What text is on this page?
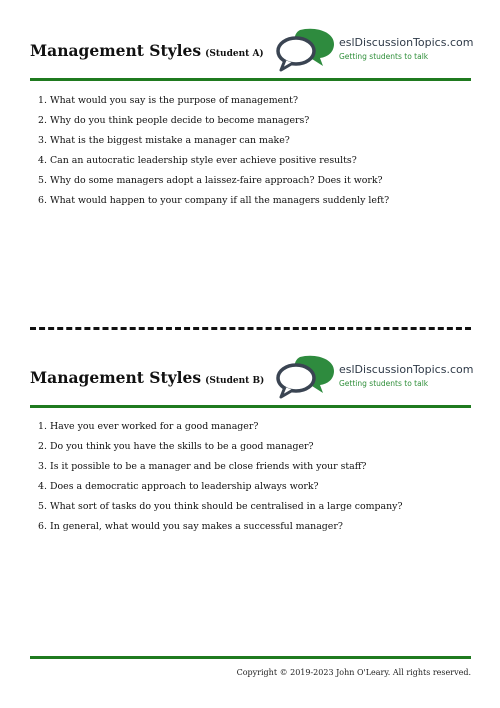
Management Styles (Student A)
eslDiscussionTopics.com
Getting students to talk
1. What would you say is the purpose of management?
2. Why do you think people decide to become managers?
3. What is the biggest mistake a manager can make?
4. Can an autocratic leadership style ever achieve positive results?
5. Why do some managers adopt a laissez-faire approach? Does it work?
6. What would happen to your company if all the managers suddenly left?
Management Styles (Student B)
eslDiscussionTopics.com
Getting students to talk
1. Have you ever worked for a good manager?
2. Do you think you have the skills to be a good manager?
3. Is it possible to be a manager and be close friends with your staff?
4. Does a democratic approach to leadership always work?
5. What sort of tasks do you think should be centralised in a large company?
6. In general, what would you say makes a successful manager?
Copyright © 2019-2023 John O'Leary. All rights reserved.
